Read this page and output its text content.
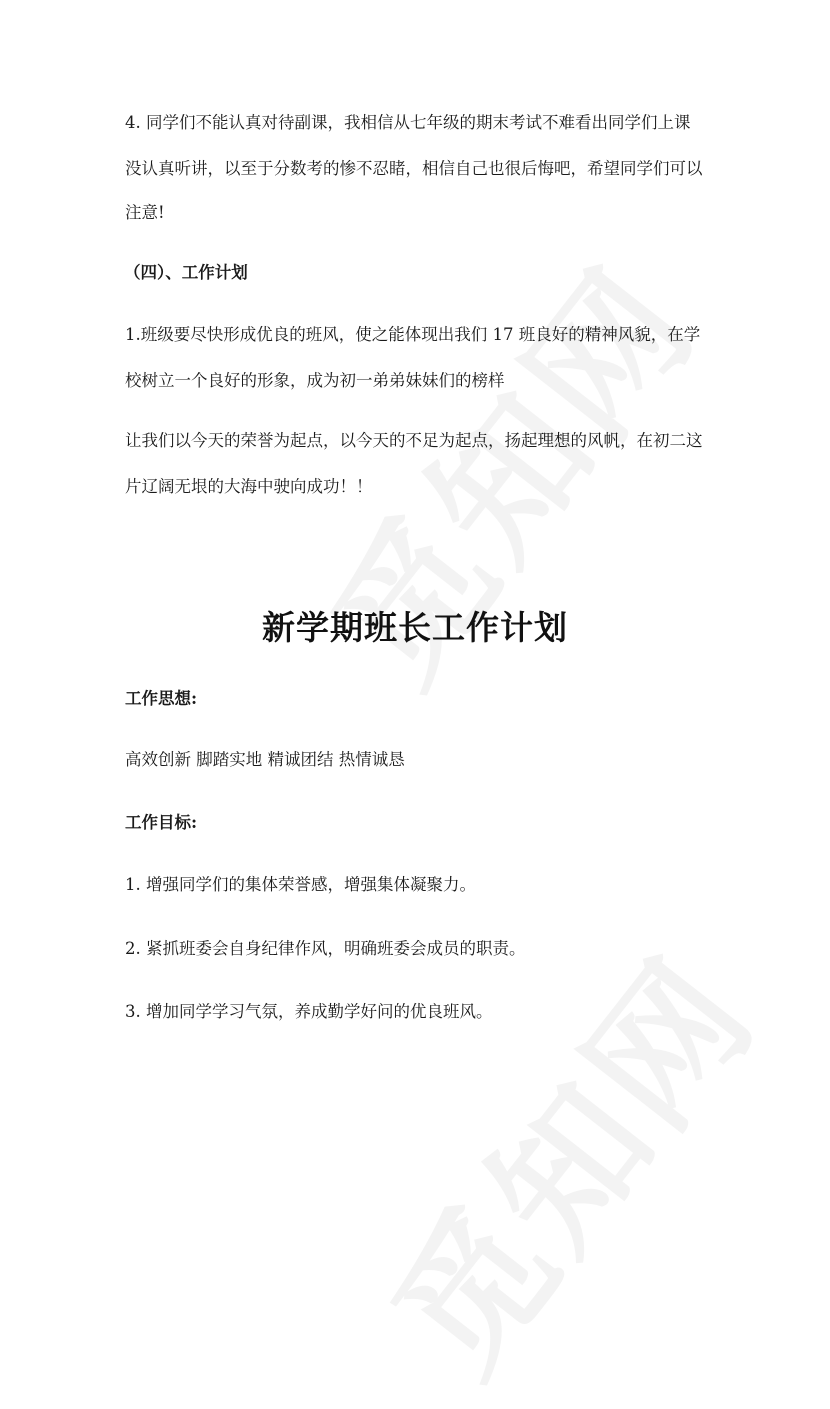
4. 同学们不能认真对待副课，我相信从七年级的期末考试不难看出同学们上课
没认真听讲，以至于分数考的惨不忍睹，相信自己也很后悔吧，希望同学们可以
注意!
（四）、工作计划
1.班级要尽快形成优良的班风，使之能体现出我们 17 班良好的精神风貌，在学
校树立一个良好的形象，成为初一弟弟妹妹们的榜样
让我们以今天的荣誉为起点，以今天的不足为起点，扬起理想的风帆，在初二这
片辽阔无垠的大海中驶向成功！！
新学期班长工作计划
工作思想:
高效创新 脚踏实地 精诚团结 热情诚恳
工作目标:
1. 增强同学们的集体荣誉感，增强集体凝聚力。
2. 紧抓班委会自身纪律作风，明确班委会成员的职责。
3. 增加同学学习气氛，养成勤学好问的优良班风。
